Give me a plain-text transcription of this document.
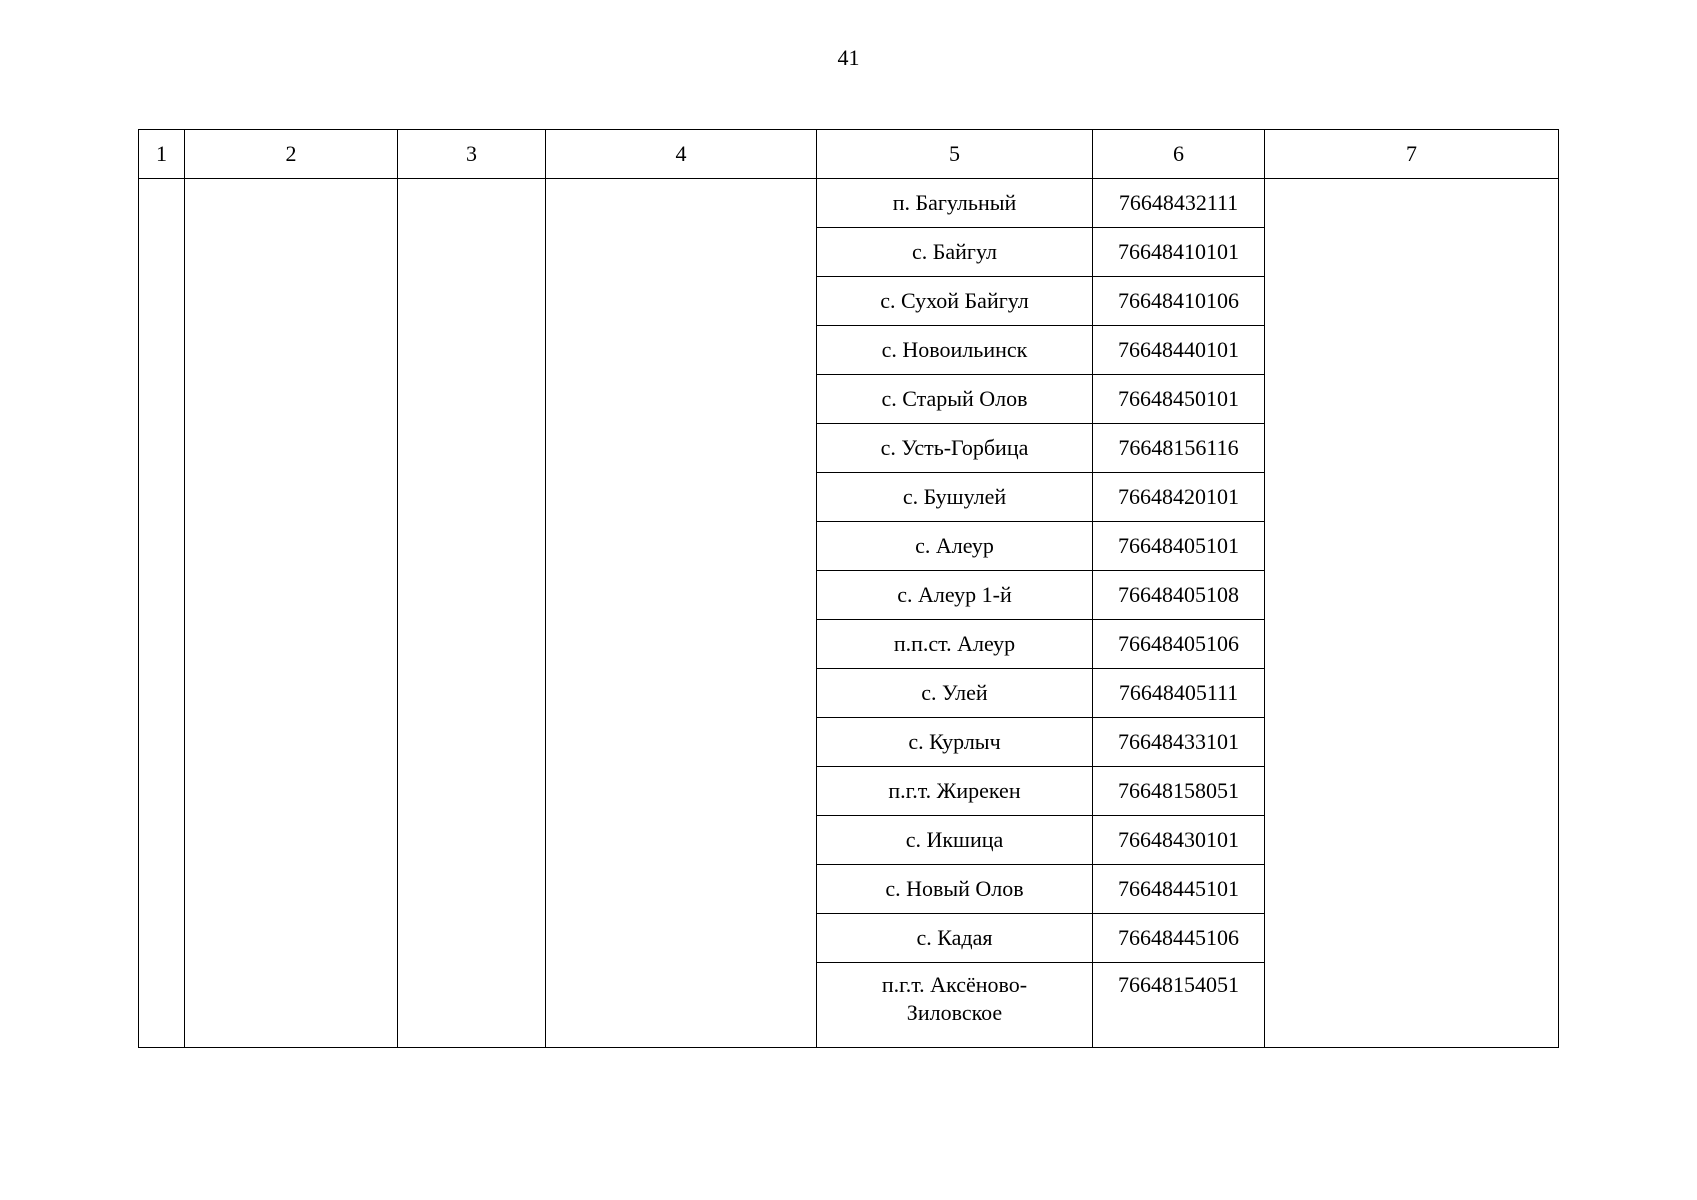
41
1	2	3	4	5	6	7
				п. Багульный	76648432111	
				с. Байгул	76648410101	
				с. Сухой Байгул	76648410106	
				с. Новоильинск	76648440101	
				с. Старый Олов	76648450101	
				с. Усть-Горбица	76648156116	
				с. Бушулей	76648420101	
				с. Алеур	76648405101	
				с. Алеур 1-й	76648405108	
				п.п.ст. Алеур	76648405106	
				с. Улей	76648405111	
				с. Курлыч	76648433101	
				п.г.т. Жирекен	76648158051	
				с. Икшица	76648430101	
				с. Новый Олов	76648445101	
				с. Кадая	76648445106	
				п.г.т. Аксёново-Зиловское	76648154051	
